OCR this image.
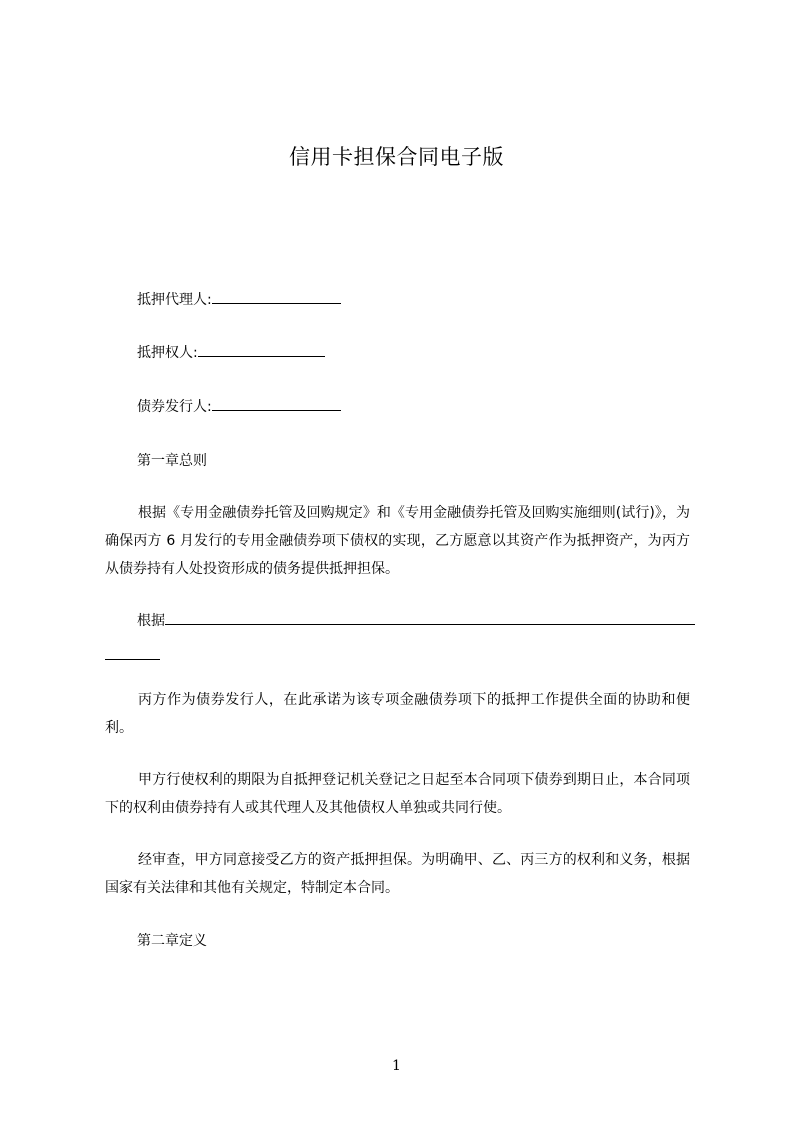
信用卡担保合同电子版
抵押代理人:
抵押权人:
债券发行人:
第一章总则
根据《专用金融债券托管及回购规定》和《专用金融债券托管及回购实施细则(试行)》，为确保丙方 6 月发行的专用金融债券项下债权的实现，乙方愿意以其资产作为抵押资产，为丙方从债券持有人处投资形成的债务提供抵押担保。
根据
丙方作为债券发行人，在此承诺为该专项金融债券项下的抵押工作提供全面的协助和便利。
甲方行使权利的期限为自抵押登记机关登记之日起至本合同项下债券到期日止，本合同项下的权利由债券持有人或其代理人及其他债权人单独或共同行使。
经审查，甲方同意接受乙方的资产抵押担保。为明确甲、乙、丙三方的权利和义务，根据国家有关法律和其他有关规定，特制定本合同。
第二章定义
1
